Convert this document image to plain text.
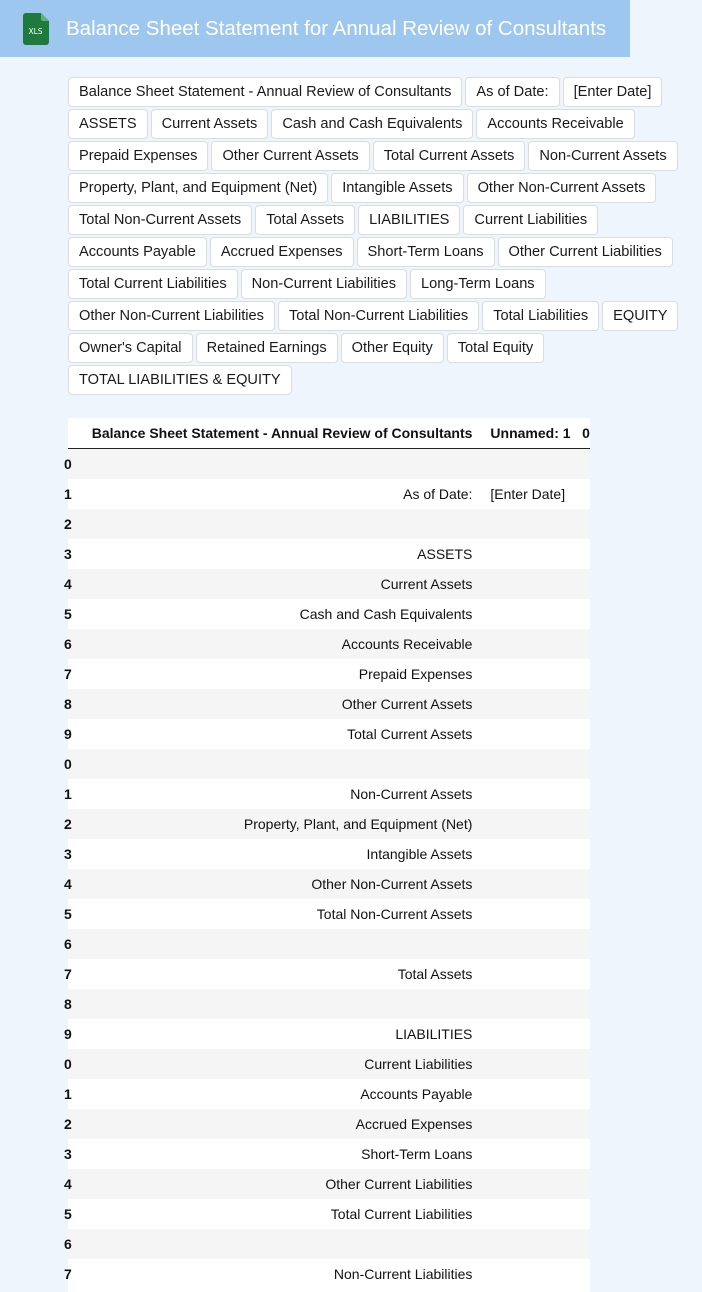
XLS Balance Sheet Statement for Annual Review of Consultants
Balance Sheet Statement - Annual Review of Consultants	As of Date:	[Enter Date]
ASSETS	Current Assets	Cash and Cash Equivalents	Accounts Receivable
Prepaid Expenses	Other Current Assets	Total Current Assets	Non-Current Assets
Property, Plant, and Equipment (Net)	Intangible Assets	Other Non-Current Assets
Total Non-Current Assets	Total Assets	LIABILITIES	Current Liabilities
Accounts Payable	Accrued Expenses	Short-Term Loans	Other Current Liabilities
Total Current Liabilities	Non-Current Liabilities	Long-Term Loans
Other Non-Current Liabilities	Total Non-Current Liabilities	Total Liabilities	EQUITY
Owner's Capital	Retained Earnings	Other Equity	Total Equity
TOTAL LIABILITIES & EQUITY
	Balance Sheet Statement - Annual Review of Consultants	Unnamed: 1	0

0			

1	As of Date:	[Enter Date]	

2			

3	ASSETS		

4	Current Assets		

5	Cash and Cash Equivalents		

6	Accounts Receivable		

7	Prepaid Expenses		

8	Other Current Assets		

9	Total Current Assets		

0			

1	Non-Current Assets		

2	Property, Plant, and Equipment (Net)		

3	Intangible Assets		

4	Other Non-Current Assets		

5	Total Non-Current Assets		

6			

7	Total Assets		

8			

9	LIABILITIES		

0	Current Liabilities		

1	Accounts Payable		

2	Accrued Expenses		

3	Short-Term Loans		

4	Other Current Liabilities		

5	Total Current Liabilities		

6			

7	Non-Current Liabilities		
